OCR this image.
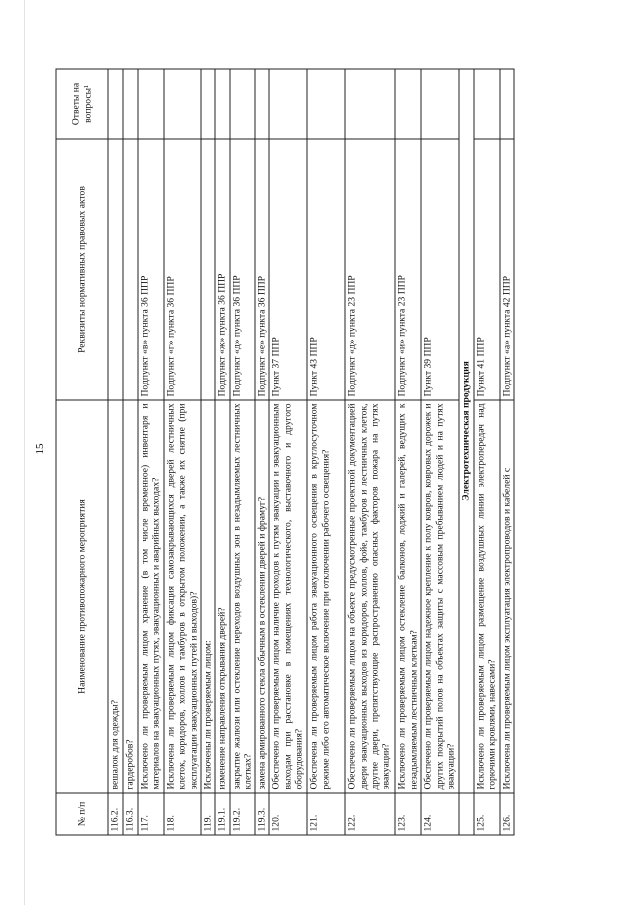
15
№ п/п	Наименование противопожарного мероприятия	Реквизиты нормативных правовых актов	Ответы на вопросы¹
116.2.	вешалок для одежды?		
116.3.	гардеробов?		
117.	Исключено ли проверяемым лицом хранение (в том числе временное) инвентаря и материалов на эвакуационных путях, эвакуационных и аварийных выходах?	Подпункт «в» пункта 36 ППР	
118.	Исключена ли проверяемым лицом фиксация самозакрывающихся дверей лестничных клеток, коридоров, холлов и тамбуров в открытом положении, а также их снятие (при эксплуатации эвакуационных путей и выходов)?	Подпункт «г» пункта 36 ППР	
119.	Исключены ли проверяемым лицом:		
119.1.	изменение направления открывания дверей?	Подпункт «ж» пункта 36 ППР	
119.2.	закрытие жалюзи или остекление переходов воздушных зон в незадымляемых лестничных клетках?	Подпункт «д» пункта 36 ППР	
119.3.	замена армированного стекла обычным в остеклении дверей и фрамуг?	Подпункт «е» пункта 36 ППР	
120.	Обеспечено ли проверяемым лицом наличие проходов к путям эвакуации и эвакуационным выходам при расстановке в помещениях технологического, выставочного и другого оборудования?	Пункт 37 ППР	
121.	Обеспечена ли проверяемым лицом работа эвакуационного освещения в круглосуточном режиме либо его автоматическое включение при отключении рабочего освещения?	Пункт 43 ППР	
122.	Обеспечено ли проверяемым лицом на объекте предусмотренные проектной документацией двери эвакуационных выходов из коридоров, холлов, фойе, тамбуров и лестничных клеток, другие двери, препятствующие распространению опасных факторов пожара на путях эвакуации?	Подпункт «д» пункта 23 ППР	
123.	Исключено ли проверяемым лицом остекление балконов, лоджий и галерей, ведущих к незадымляемым лестничным клеткам?	Подпункт «и» пункта 23 ППР	
124.	Обеспечено ли проверяемым лицом надежное крепление к полу ковров, ковровых дорожек и других покрытий полов на объектах защиты с массовым пребыванием людей и на путях эвакуации?	Пункт 39 ППР	
	Электротехническая продукция		
125.	Исключено ли проверяемым лицом размещение воздушных линии электропередач над горючими кровлями, навесами?	Пункт 41 ППР	
126.	Исключена ли проверяемым лицом эксплуатация электропроводов и кабелей с	Подпункт «а» пункта 42 ППР	
